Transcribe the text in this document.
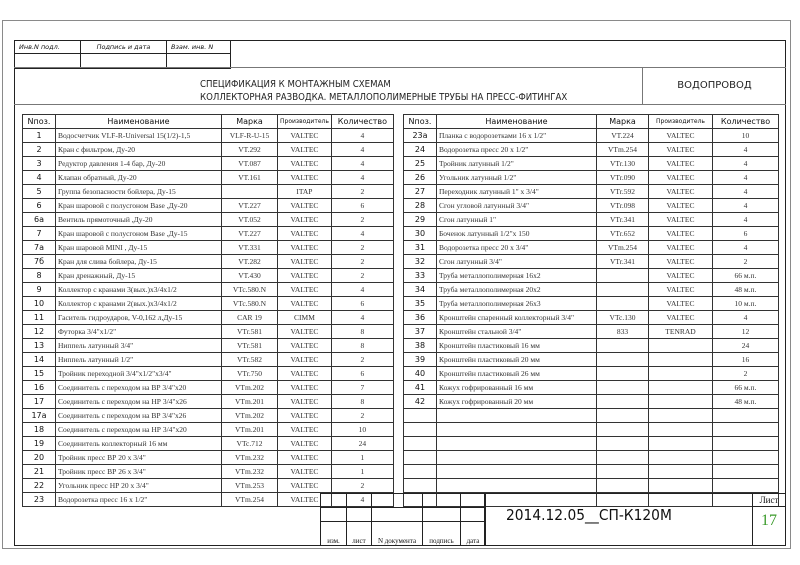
Инв.N подл.	Подпись и дата	Взам. инв. N

СПЕЦИФИКАЦИЯ К МОНТАЖНЫМ СХЕМАМ
КОЛЛЕКТОРНАЯ РАЗВОДКА. МЕТАЛЛОПОЛИМЕРНЫЕ ТРУБЫ НА ПРЕСС-ФИТИНГАХ
ВОДОПРОВОД
Nпоз.	Наименование	Марка	Производитель	Количество
1	Водосчетчик VLF-R-Universal 15(1/2)-1,5	VLF-R-U-15	VALTEC	4
2	Кран с фильтром, Ду-20	VT.292	VALTEC	4
3	Редуктор давления 1-4 бар, Ду-20	VT.087	VALTEC	4
4	Клапан обратный, Ду-20	VT.161	VALTEC	4
5	Группа безопасности бойлера, Ду-15		ITAP	2
6	Кран шаровой с полусгоном Base ,Ду-20	VT.227	VALTEC	6
6а	Вентиль прямоточный ,Ду-20	VT.052	VALTEC	2
7	Кран шаровой с полусгоном Base ,Ду-15	VT.227	VALTEC	4
7а	Кран шаровой MINI , Ду-15	VT.331	VALTEC	2
7б	Кран для слива бойлера, Ду-15	VT.282	VALTEC	2
8	Кран дренажный, Ду-15	VT.430	VALTEC	2
9	Коллектор с кранами 3(вых.)x3/4x1/2	VTc.580.N	VALTEC	4
10	Коллектор с кранами 2(вых.)x3/4x1/2	VTc.580.N	VALTEC	6
11	Гаситель гидроударов, V-0,162 л,Ду-15	CAR 19	CIMM	4
12	Футорка 3/4"x1/2"	VTr.581	VALTEC	8
13	Ниппель латунный 3/4"	VTr.581	VALTEC	8
14	Ниппель латунный 1/2"	VTr.582	VALTEC	2
15	Тройник переходной 3/4"x1/2"x3/4"	VTr.750	VALTEC	6
16	Соединитель с переходом на ВР 3/4"x20	VTm.202	VALTEC	7
17	Соединитель с переходом на НР 3/4"x26	VTm.201	VALTEC	8
17а	Соединитель с переходом на ВР 3/4"x26	VTm.202	VALTEC	2
18	Соединитель с переходом на НР 3/4"x20	VTm.201	VALTEC	10
19	Соединитель коллекторный 16 мм	VTc.712	VALTEC	24
20	Тройник пресс ВР 20 x 3/4"	VTm.232	VALTEC	1
21	Тройник пресс ВР 26 x 3/4"	VTm.232	VALTEC	1
22	Угольник пресс НР 20 x 3/4"	VTm.253	VALTEC	2
23	Водорозетка пресс 16 x 1/2"	VTm.254	VALTEC	4
Nпоз.	Наименование	Марка	Производитель	Количество
23а	Планка с водорозетками 16 x 1/2"	VT.224	VALTEC	10
24	Водорозетка пресс 20 x 1/2"	VTm.254	VALTEC	4
25	Тройник латунный 1/2"	VTr.130	VALTEC	4
26	Угольник латунный 1/2"	VTr.090	VALTEC	4
27	Переходник латунный 1" x 3/4"	VTr.592	VALTEC	4
28	Сгон угловой латунный 3/4"	VTr.098	VALTEC	4
29	Сгон латунный 1"	VTr.341	VALTEC	4
30	Боченок латунный 1/2"x 150	VTr.652	VALTEC	6
31	Водорозетка пресс 20 x 3/4"	VTm.254	VALTEC	4
32	Сгон латунный 3/4"	VTr.341	VALTEC	2
33	Труба металлополимерная 16x2		VALTEC	66 м.п.
34	Труба металлополимерная 20x2		VALTEC	48 м.п.
35	Труба металлополимерная 26x3		VALTEC	10 м.п.
36	Кронштейн спаренный коллекторный 3/4"	VTc.130	VALTEC	4
37	Кронштейн стальной 3/4"	833	TENRAD	12
38	Кронштейн пластиковый 16 мм			24
39	Кронштейн пластиковый 20 мм			16
40	Кронштейн пластиковый 26 мм			2
41	Кожух гофрированный 16 мм			66 м.п.
42	Кожух гофрированный 20 мм			48 м.п.

изм.	лист	N документа	подпись	дата
2014.12.05__СП-К120М
Лист
17
